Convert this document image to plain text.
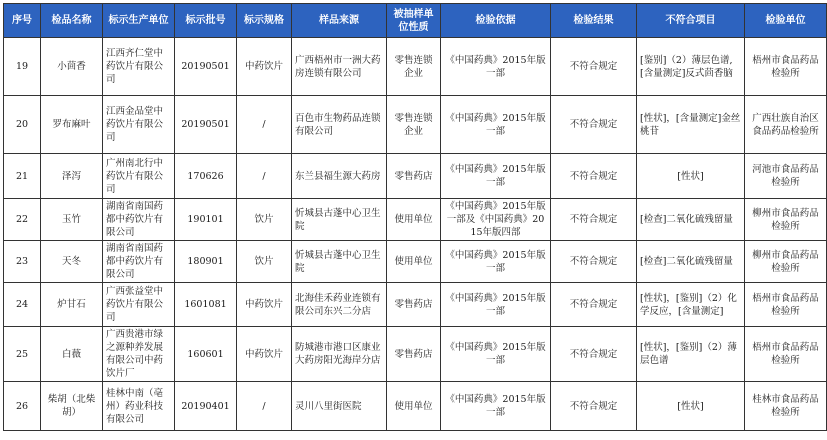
序号	检品名称	标示生产单位	标示批号	标示规格	样品来源	被抽样单位性质	检验依据	检验结果	不符合项目	检验单位
19	小茴香	江西齐仁堂中药饮片有限公司	20190501	中药饮片	广西梧州市一洲大药房连锁有限公司	零售连锁企业	《中国药典》2015年版一部	不符合规定	[鉴别]（2）薄层色谱,[含量测定]反式茴香脑	梧州市食品药品检验所
20	罗布麻叶	江西金品堂中药饮片有限公司	20190501	/	百色市生物药品连锁有限公司	零售连锁企业	《中国药典》2015年版一部	不符合规定	[性状]，[含量测定]金丝桃苷	广西壮族自治区食品药品检验所
21	泽泻	广州南北行中药饮片有限公司	170626	/	东兰县福生源大药房	零售药店	《中国药典》2015年版一部	不符合规定	[性状]	河池市食品药品检验所
22	玉竹	湖南省南国药都中药饮片有限公司	190101	饮片	忻城县古蓬中心卫生院	使用单位	《中国药典》2015年版一部及《中国药典》2015年版四部	不符合规定	[检查]二氧化硫残留量	柳州市食品药品检验所
23	天冬	湖南省南国药都中药饮片有限公司	180901	饮片	忻城县古蓬中心卫生院	使用单位	《中国药典》2015年版一部	不符合规定	[检查]二氧化硫残留量	柳州市食品药品检验所
24	炉甘石	广西张益堂中药饮片有限公司	1601081	中药饮片	北海佳禾药业连锁有限公司东兴二分店	零售药店	《中国药典》2015年版一部	不符合规定	[性状]，[鉴别]（2）化学反应，[含量测定]	梧州市食品药品检验所
25	白薇	广西贵港市绿之源种养发展有限公司中药饮片厂	160601	中药饮片	防城港市港口区康业大药房阳光海岸分店	零售药店	《中国药典》2015年版一部	不符合规定	[性状]，[鉴别]（2）薄层色谱	梧州市食品药品检验所
26	柴胡（北柴胡）	桂林中南（亳州）药业科技有限公司	20190401	/	灵川八里街医院	使用单位	《中国药典》2015年版一部	不符合规定	[性状]	桂林市食品药品检验所
